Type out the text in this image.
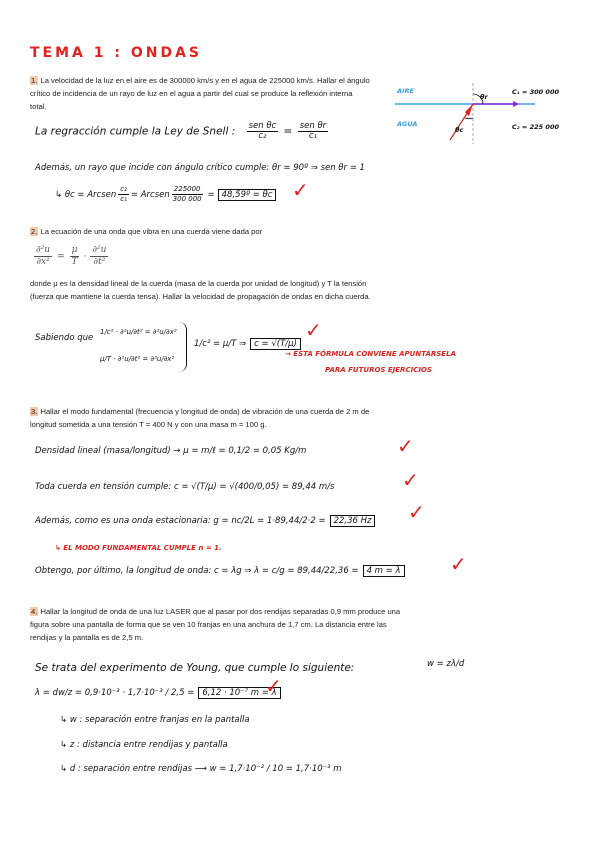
TEMA 1 : ONDAS
1. La velocidad de la luz en el aire es de 300000 km/s y en el agua de 225000 km/s. Hallar el ángulo crítico de incidencia de un rayo de luz en el agua a partir del cual se produce la reflexión interna total.
AIRE
AGUA
C₁ = 300 000
C₂ = 225 000
θr
θc
La regracción cumple la Ley de Snell : $\frac{\text{sen θc}}{\text{c₂}} = \frac{\text{sen θr}}{\text{c₁}}$
Además, un rayo que incide con ángulo crítico cumple: θr = 90º ⇒ sen θr = 1
↳ θc = Arcsen $\frac{\text{c₂}}{\text{c₁}}$ = Arcsen $\frac{225000}{300 000}$ = 48,59º = θc ✓
2. La ecuación de una onda que vibra en una cuerda viene dada por
$\frac{\text{∂²u}}{\text{∂x²}} = \frac{\mu}{T} \cdot \frac{\text{∂²u}}{\text{∂t²}}$
donde μ es la densidad lineal de la cuerda (masa de la cuerda por unidad de longitud) y T la tensión (fuerza que mantiene la cuerda tensa). Hallar la velocidad de propagación de ondas en dicha cuerda.
Sabiendo que
1/c² · ∂²u/∂t² = ∂²u/∂x²
μ/T · ∂²u/∂t² = ∂²u/∂x²
1/c² = μ/T ⇒ c = √(T/μ)
✓
→ ESTA FÓRMULA CONVIENE APUNTÁRSELA
PARA FUTUROS EJERCICIOS
3. Hallar el modo fundamental (frecuencia y longitud de onda) de vibración de una cuerda de 2 m de longitud sometida a una tensión T = 400 N y con una masa m = 100 g.
Densidad lineal (masa/longitud) → μ = m/ℓ = 0,1/2 = 0,05 Kg/m	✓
Toda cuerda en tensión cumple: c = √(T/μ) = √(400/0,05) = 89,44 m/s	✓
Además, como es una onda estacionaria: g = nc/2L = 1·89,44/2·2 = 22,36 Hz ✓
↳ EL MODO FUNDAMENTAL CUMPLE n = 1.
Obtengo, por último, la longitud de onda: c = λg ⇒ λ = c/g = 89,44/22,36 = 4 m = λ ✓
4. Hallar la longitud de onda de una luz LASER que al pasar por dos rendijas separadas 0,9 mm produce una figura sobre una pantalla de forma que se ven 10 franjas en una anchura de 1,7 cm. La distancia entre las rendijas y la pantalla es de 2,5 m.
Se trata del experimento de Young, que cumple lo siguiente:	w = zλ/d
λ = dw/z = 0,9·10⁻³ · 1,7·10⁻³ / 2,5 = 6,12 · 10⁻⁷ m = λ
✓
↳ w : separación entre franjas en la pantalla
↳ z : distancia entre rendijas y pantalla
↳ d : separación entre rendijas ⟶ w = 1,7·10⁻² / 10 = 1,7·10⁻³ m
